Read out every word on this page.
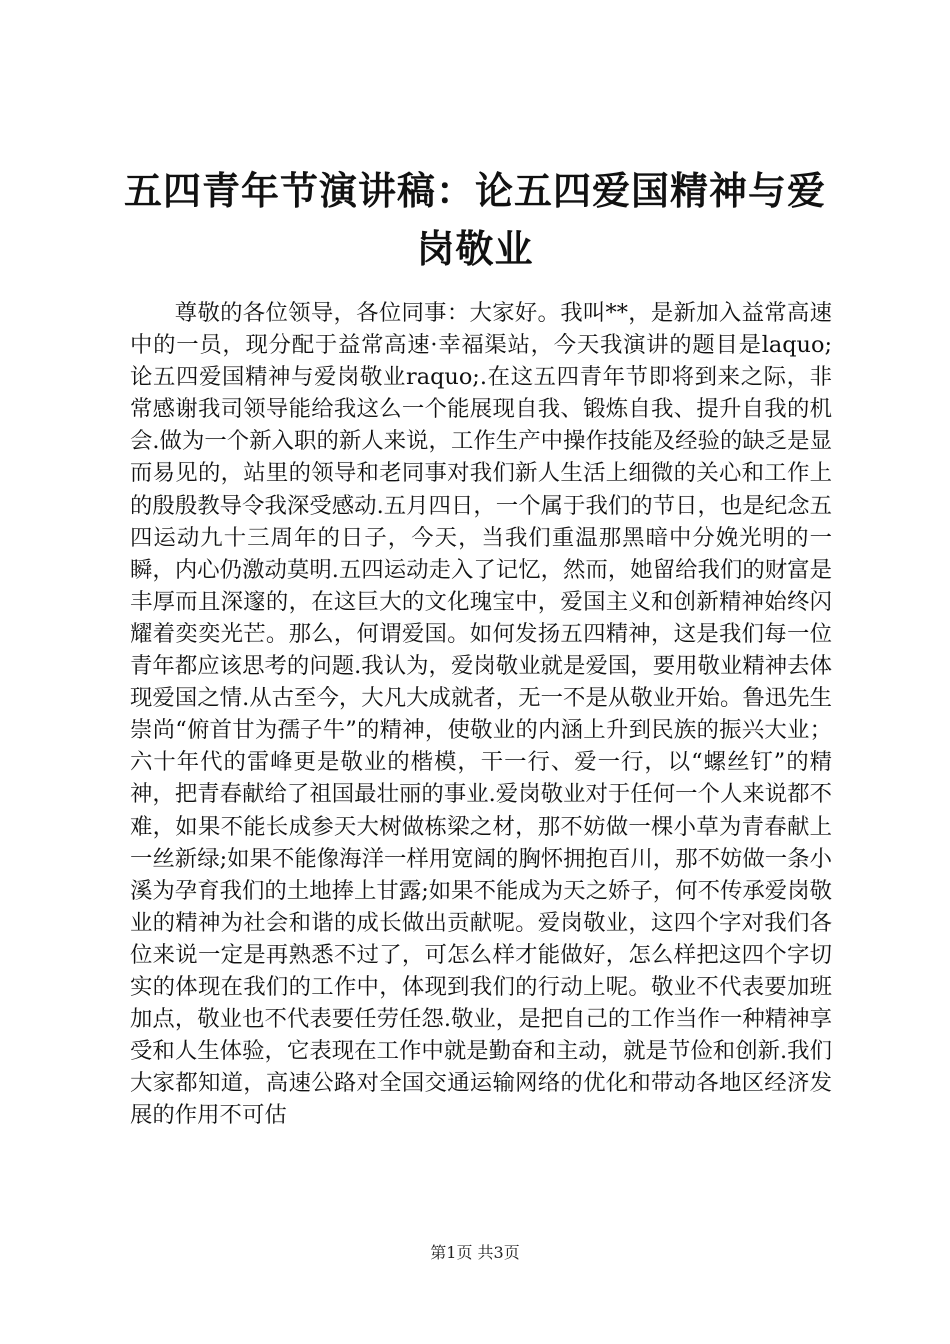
五四青年节演讲稿：论五四爱国精神与爱岗敬业

尊敬的各位领导，各位同事：大家好。我叫**，是新加入益常高速中的一员，现分配于益常高速·幸福渠站，今天我演讲的题目是laquo;论五四爱国精神与爱岗敬业raquo;.在这五四青年节即将到来之际，非常感谢我司领导能给我这么一个能展现自我、锻炼自我、提升自我的机会.做为一个新入职的新人来说，工作生产中操作技能及经验的缺乏是显而易见的，站里的领导和老同事对我们新人生活上细微的关心和工作上的殷殷教导令我深受感动.五月四日，一个属于我们的节日，也是纪念五四运动九十三周年的日子，今天，当我们重温那黑暗中分娩光明的一瞬，内心仍激动莫明.五四运动走入了记忆，然而，她留给我们的财富是丰厚而且深邃的，在这巨大的文化瑰宝中，爱国主义和创新精神始终闪耀着奕奕光芒。那么，何谓爱国。如何发扬五四精神，这是我们每一位青年都应该思考的问题.我认为，爱岗敬业就是爱国，要用敬业精神去体现爱国之情.从古至今，大凡大成就者，无一不是从敬业开始。鲁迅先生崇尚“俯首甘为孺子牛”的精神，使敬业的内涵上升到民族的振兴大业；六十年代的雷峰更是敬业的楷模，干一行、爱一行，以“螺丝钉”的精神，把青春献给了祖国最壮丽的事业.爱岗敬业对于任何一个人来说都不难，如果不能长成参天大树做栋梁之材，那不妨做一棵小草为青春献上一丝新绿;如果不能像海洋一样用宽阔的胸怀拥抱百川，那不妨做一条小溪为孕育我们的土地捧上甘露;如果不能成为天之娇子，何不传承爱岗敬业的精神为社会和谐的成长做出贡献呢。爱岗敬业，这四个字对我们各位来说一定是再熟悉不过了，可怎么样才能做好，怎么样把这四个字切实的体现在我们的工作中，体现到我们的行动上呢。敬业不代表要加班加点，敬业也不代表要任劳任怨.敬业，是把自己的工作当作一种精神享受和人生体验，它表现在工作中就是勤奋和主动，就是节俭和创新.我们大家都知道，高速公路对全国交通运输网络的优化和带动各地区经济发展的作用不可估

第1页 共3页
